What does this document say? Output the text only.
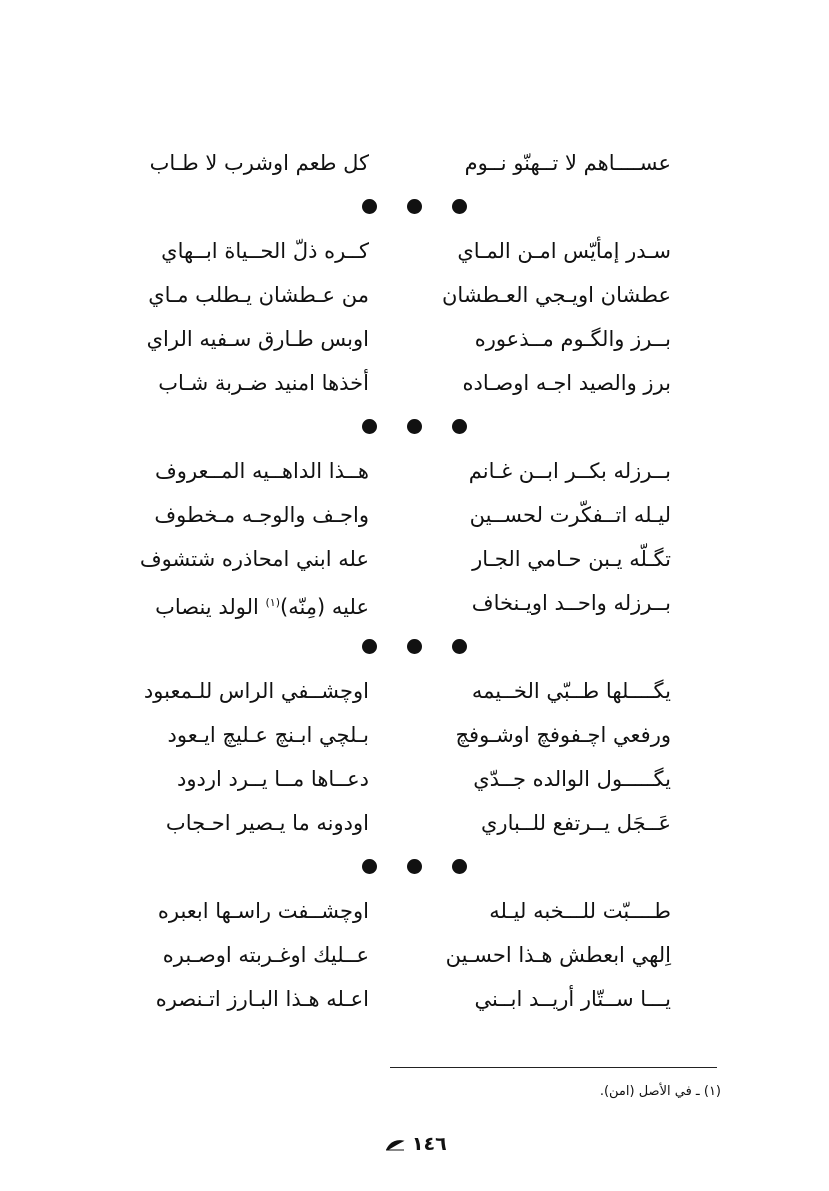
عســــاهم لا تــهنّو نــوم
كل طعم اوشرب لا طـاب
سـدر إمأيّس امـن المـاي
كــره ذلّ الحــياة ابــهاي
عطشان اويـجي العـطشان
من عـطشان يـطلب مـاي
بــرز والگـوم مــذعوره
اوبس طـارق سـفيه الراي
برز والصيد اجـه اوصـاده
أخذها امنيد ضـربة شـاب
بــرزله بكــر ابــن غـانم
هــذا الداهــيه المــعروف
ليـله اتــفكّرت لحســين
واجـف والوجـه مـخطوف
تگـلّه يـبن حـامي الجـار
عله ابني امحاذره شتشوف
بــرزله واحــد اويـنخاف
عليه (مِنّه)$^{(١)}$ الولد ينصاب
يگــــلها طــبّي الخــيمه
اوچشــفي الراس للـمعبود
ورفعي اچـفوفچ اوشـوفچ
بـلچي ابـنچ عـليچ ايـعود
يگـــــول الوالده جــدّي
دعــاها مــا يــرد اردود
عَــجَل يــرتفع للــباري
اودونه ما يـصير احـجاب
طــــبّت للـــخبه ليـله
اوچشــفت راسـها ابعبره
اِلهي ابعطش هـذا احسـين
عــليك اوغـربته اوصـبره
يـــا ســتّار أريــد ابــني
اعـله هـذا البـارز اتـنصره
(١) ـ في الأصل (امن).
١٤٦
